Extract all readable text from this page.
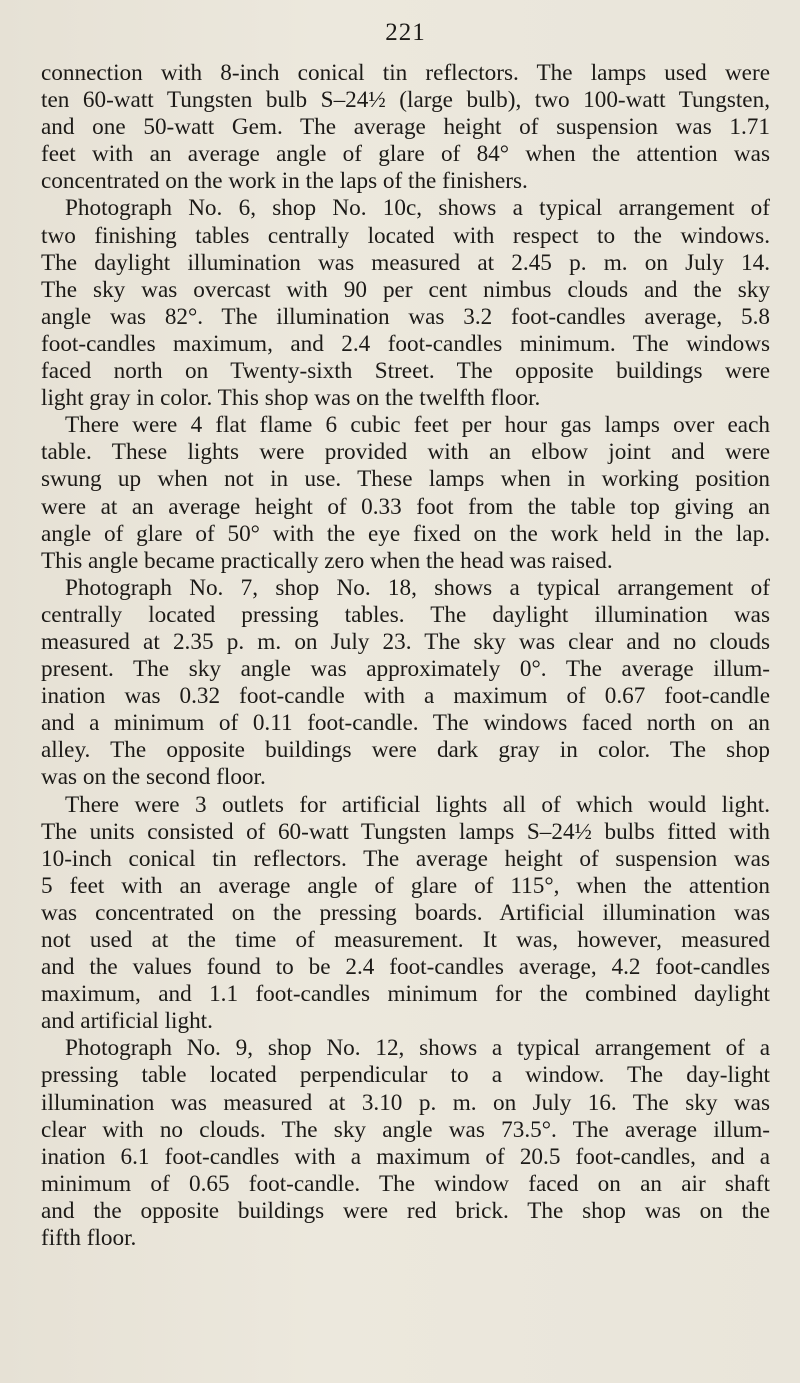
221

connection with 8-inch conical tin reflectors. The lamps used were
ten 60-watt Tungsten bulb S–24½ (large bulb), two 100-watt Tungsten,
and one 50-watt Gem. The average height of suspension was 1.71
feet with an average angle of glare of 84° when the attention was
concentrated on the work in the laps of the finishers.

Photograph No. 6, shop No. 10c, shows a typical arrangement of
two finishing tables centrally located with respect to the windows.
The daylight illumination was measured at 2.45 p. m. on July 14.
The sky was overcast with 90 per cent nimbus clouds and the sky
angle was 82°. The illumination was 3.2 foot-candles average, 5.8
foot-candles maximum, and 2.4 foot-candles minimum. The windows
faced north on Twenty-sixth Street. The opposite buildings were
light gray in color. This shop was on the twelfth floor.

There were 4 flat flame 6 cubic feet per hour gas lamps over each
table. These lights were provided with an elbow joint and were
swung up when not in use. These lamps when in working position
were at an average height of 0.33 foot from the table top giving an
angle of glare of 50° with the eye fixed on the work held in the lap.
This angle became practically zero when the head was raised.

Photograph No. 7, shop No. 18, shows a typical arrangement of
centrally located pressing tables. The daylight illumination was
measured at 2.35 p. m. on July 23. The sky was clear and no clouds
present. The sky angle was approximately 0°. The average illum-
ination was 0.32 foot-candle with a maximum of 0.67 foot-candle
and a minimum of 0.11 foot-candle. The windows faced north on an
alley. The opposite buildings were dark gray in color. The shop
was on the second floor.

There were 3 outlets for artificial lights all of which would light.
The units consisted of 60-watt Tungsten lamps S–24½ bulbs fitted with
10-inch conical tin reflectors. The average height of suspension was
5 feet with an average angle of glare of 115°, when the attention
was concentrated on the pressing boards. Artificial illumination was
not used at the time of measurement. It was, however, measured
and the values found to be 2.4 foot-candles average, 4.2 foot-candles
maximum, and 1.1 foot-candles minimum for the combined daylight
and artificial light.

Photograph No. 9, shop No. 12, shows a typical arrangement of a
pressing table located perpendicular to a window. The day-light
illumination was measured at 3.10 p. m. on July 16. The sky was
clear with no clouds. The sky angle was 73.5°. The average illum-
ination 6.1 foot-candles with a maximum of 20.5 foot-candles, and a
minimum of 0.65 foot-candle. The window faced on an air shaft
and the opposite buildings were red brick. The shop was on the
fifth floor.
